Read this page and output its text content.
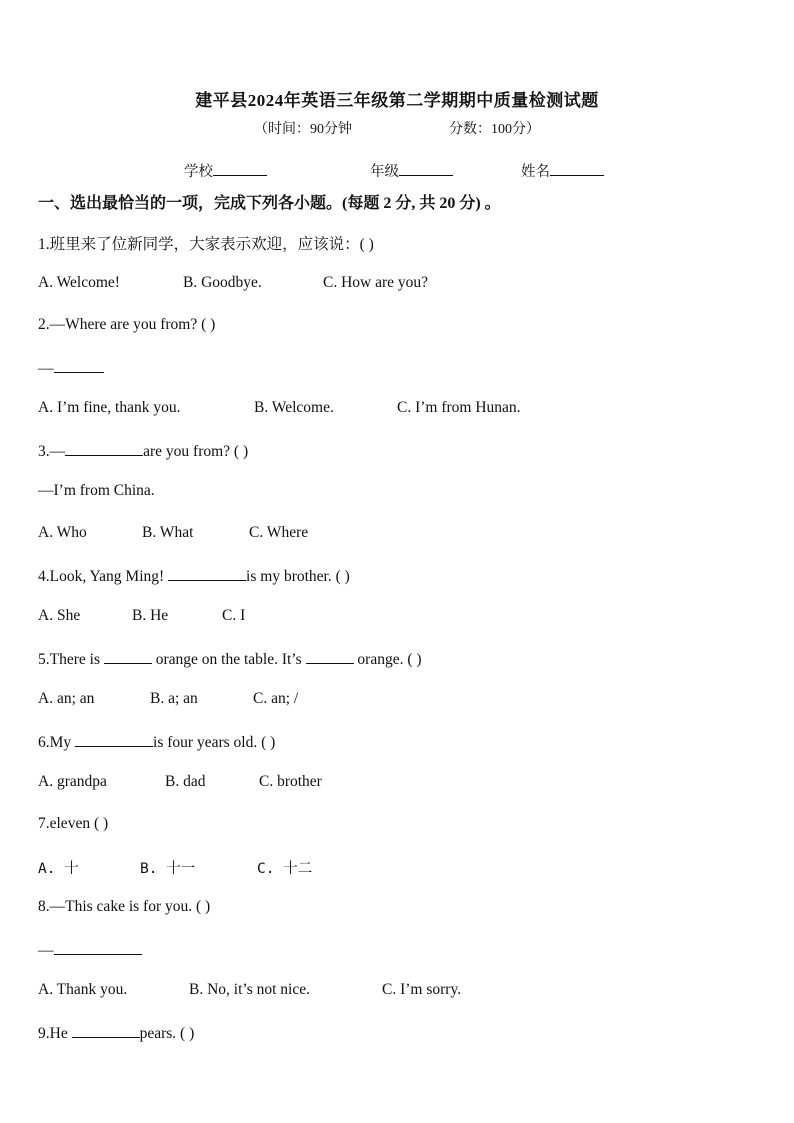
建平县2024年英语三年级第二学期期中质量检测试题
（时间：90分钟	分数：100分）
学校	年级	姓名
一、选出最恰当的一项，完成下列各小题。(每题 2 分, 共 20 分) 。
1.班里来了位新同学，大家表示欢迎，应该说：( )
A. Welcome!	B. Goodbye.	C. How are you?
2.—Where are you from? ( )
—
A. I’m fine, thank you.	B. Welcome.	C. I’m from Hunan.
3.—	are you from? ( )
—I’m from China.
A. Who	B. What	C. Where
4.Look, Yang Ming!	is my brother. ( )
A. She	B. He	C. I
5.There is	orange on the table. It’s	orange. ( )
A. an; an	B. a; an	C. an; /
6.My	is four years old. ( )
A. grandpa	B. dad	C. brother
7.eleven ( )
A. 十	B. 十一	C. 十二
8.—This cake is for you. ( )
—
A. Thank you.	B. No, it’s not nice.	C. I’m sorry.
9.He	pears. ( )
